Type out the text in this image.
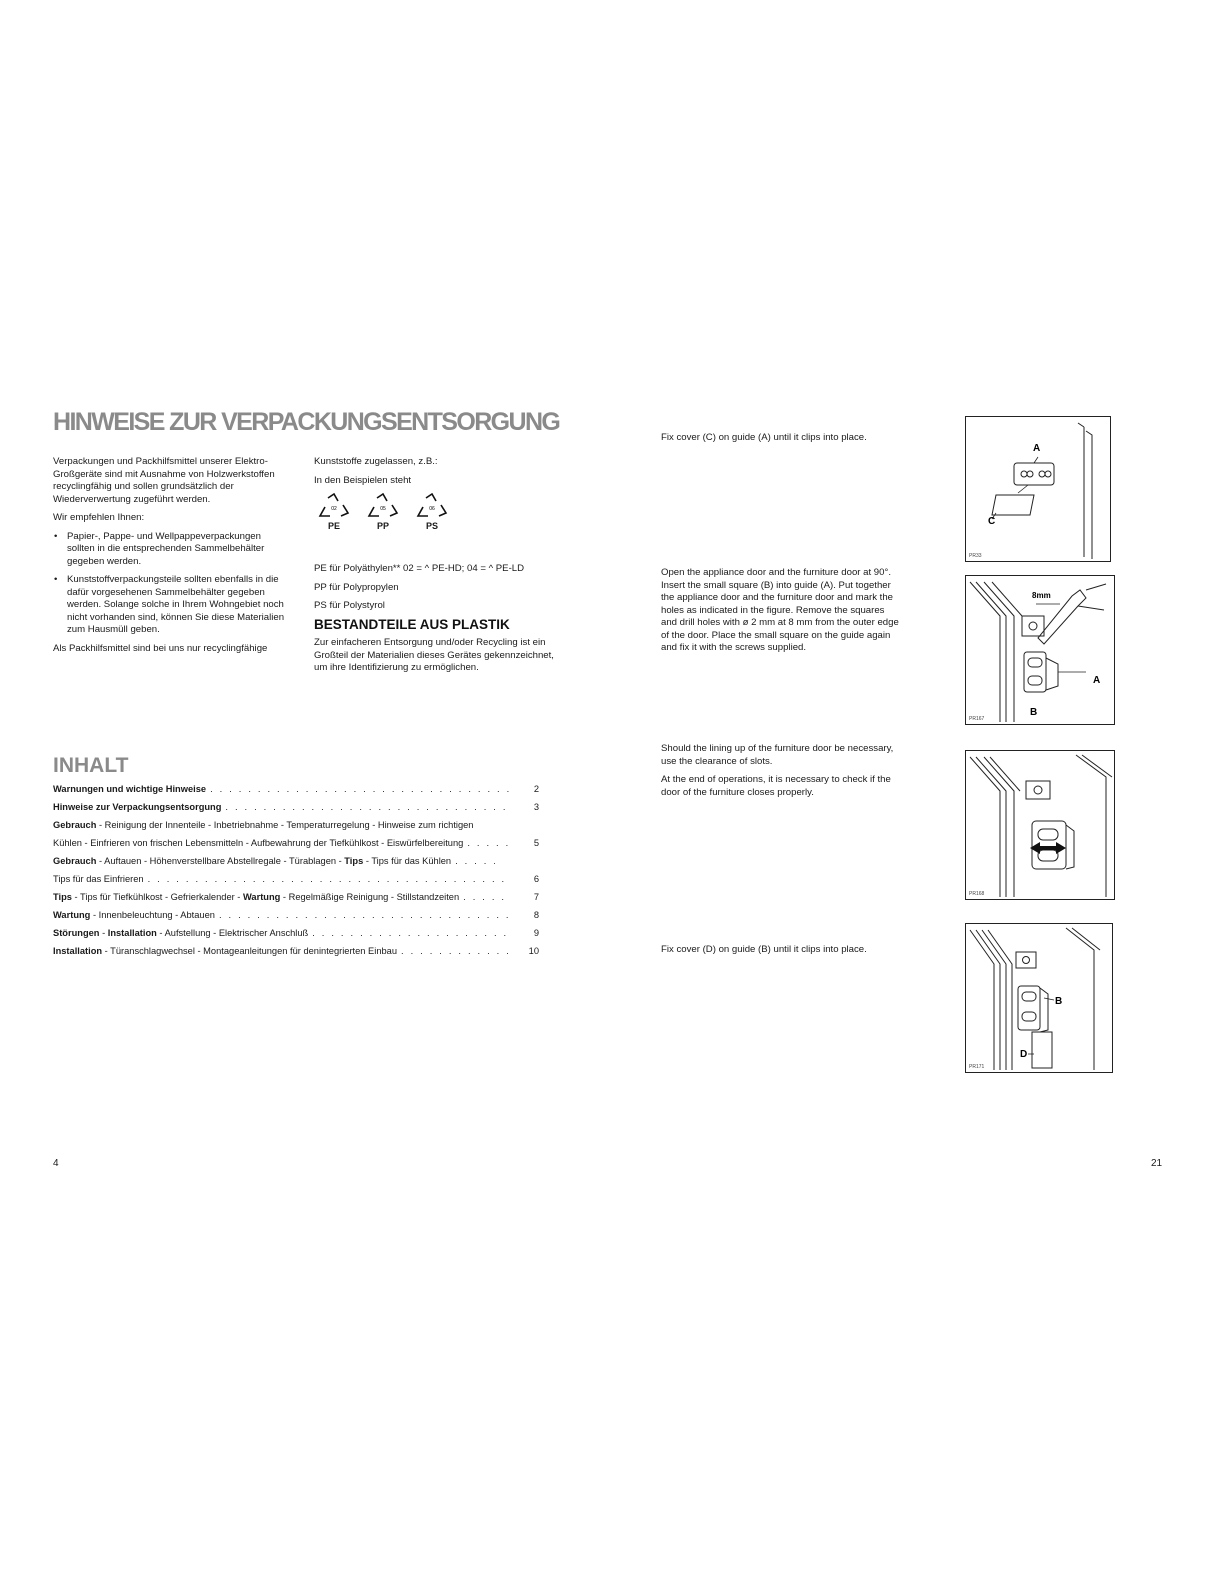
HINWEISE ZUR VERPACKUNGSENTSORGUNG

Verpackungen und Packhilfsmittel unserer Elektro-Großgeräte sind mit Ausnahme von Holzwerkstoffen recyclingfähig und sollen grundsätzlich der Wiederverwertung zugeführt werden.

Wir empfehlen Ihnen:

• Papier-, Pappe- und Wellpappeverpackungen sollten in die entsprechenden Sammelbehälter gegeben werden.
• Kunststoffverpackungsteile sollten ebenfalls in die dafür vorgesehenen Sammelbehälter gegeben werden. Solange solche in Ihrem Wohngebiet noch nicht vorhanden sind, können Sie diese Materialien zum Hausmüll geben.

Als Packhilfsmittel sind bei uns nur recyclingfähige

Kunststoffe zugelassen, z.B.:

In den Beispielen steht

02
PE
05
PP
06
PS

PE für Polyäthylen** 02 = ^ PE-HD; 04 = ^ PE-LD

PP für Polypropylen

PS für Polystyrol

BESTANDTEILE AUS PLASTIK

Zur einfacheren Entsorgung und/oder Recycling ist ein Großteil der Materialien dieses Gerätes gekennzeichnet, um ihre Identifizierung zu ermöglichen.

INHALT
Warnungen und wichtige Hinweise . . .	2
Hinweise zur Verpackungsentsorgung . . .	3
Gebrauch - Reinigung der Innenteile - Inbetriebnahme - Temperaturregelung - Hinweise zum richtigen
Kühlen - Einfrieren von frischen Lebensmitteln - Aufbewahrung der Tiefkühlkost - Eiswürfelbereitung . . .	5
Gebrauch - Auftauen - Höhenverstellbare Abstellregale - Türablagen - Tips - Tips für das Kühlen
. . .
Tips für das Einfrieren . . .	6
Tips - Tips für Tiefkühlkost - Gefrierkalender - Wartung - Regelmäßige Reinigung - Stillstandzeiten . . .	7
Wartung - Innenbeleuchtung - Abtauen . . .	8
Störungen - Installation - Aufstellung - Elektrischer Anschluß . . .	9
Installation - Türanschlagwechsel - Montageanleitungen für denintegrierten Einbau . . .	10
4

Fix cover (C) on guide (A) until it clips into place.

A
C
PR33

Open the appliance door and the furniture door at 90°. Insert the small square (B) into guide (A). Put together the appliance door and the furniture door and mark the holes as indicated in the figure. Remove the squares and drill holes with ø 2 mm at 8 mm from the outer edge of the door. Place the small square on the guide again and fix it with the screws supplied.

8mm
A
B
PR167

Should the lining up of the furniture door be necessary, use the clearance of slots.

At the end of operations, it is necessary to check if the door of the furniture closes properly.

PR168

Fix cover (D) on guide (B) until it clips into place.

B
D
PR171
21
